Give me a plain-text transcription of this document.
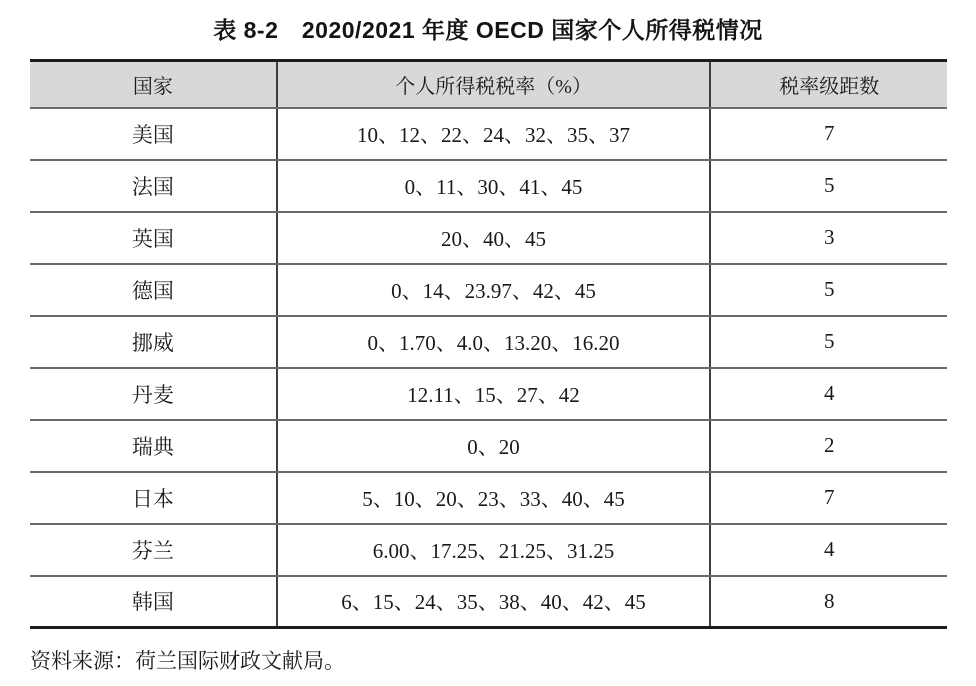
表 8-2　2020/2021 年度 OECD 国家个人所得税情况
国家	个人所得税税率（%）	税率级距数
美国	10、12、22、24、32、35、37	7
法国	0、11、30、41、45	5
英国	20、40、45	3
德国	0、14、23.97、42、45	5
挪威	0、1.70、4.0、13.20、16.20	5
丹麦	12.11、15、27、42	4
瑞典	0、20	2
日本	5、10、20、23、33、40、45	7
芬兰	6.00、17.25、21.25、31.25	4
韩国	6、15、24、35、38、40、42、45	8
资料来源：荷兰国际财政文献局。
